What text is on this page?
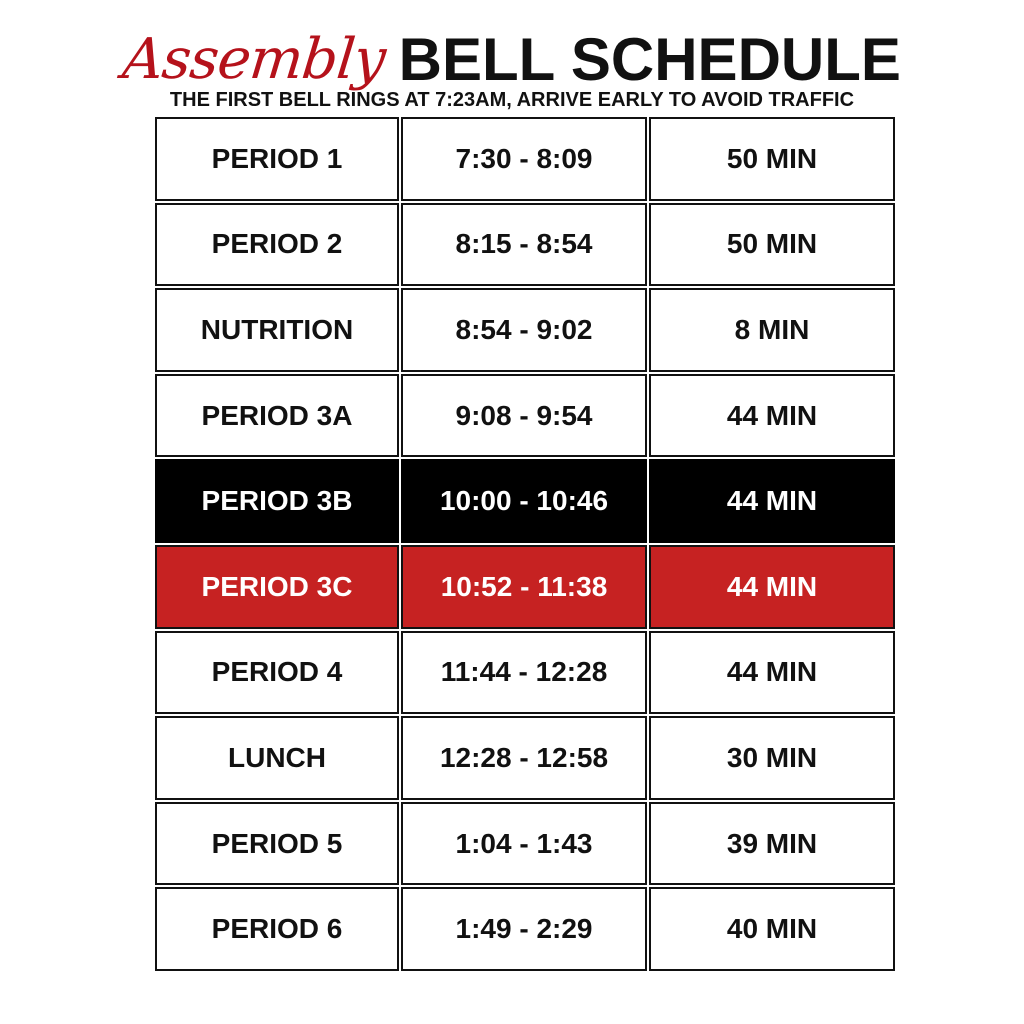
Assembly BELL SCHEDULE
THE FIRST BELL RINGS AT 7:23AM, ARRIVE EARLY TO AVOID TRAFFIC
PERIOD 1	7:30 - 8:09	50 MIN
PERIOD 2	8:15 - 8:54	50 MIN
NUTRITION	8:54 - 9:02	8 MIN
PERIOD 3A	9:08 - 9:54	44 MIN
PERIOD 3B	10:00 - 10:46	44 MIN
PERIOD 3C	10:52 - 11:38	44 MIN
PERIOD 4	11:44 - 12:28	44 MIN
LUNCH	12:28 - 12:58	30 MIN
PERIOD 5	1:04 - 1:43	39 MIN
PERIOD 6	1:49 - 2:29	40 MIN
